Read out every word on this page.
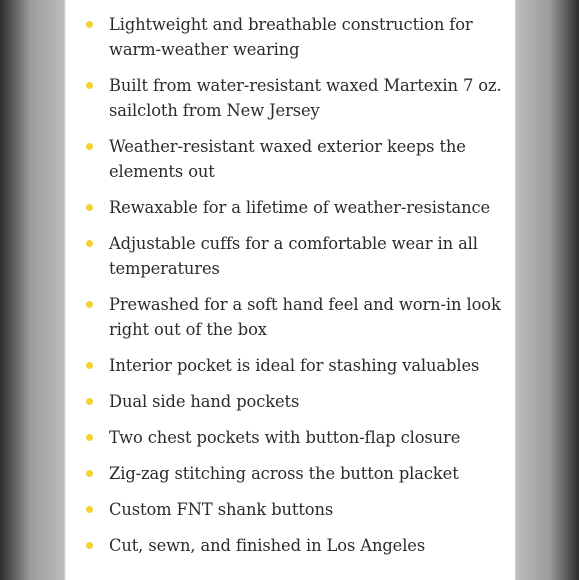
Lightweight and breathable construction for warm-weather wearing
Built from water-resistant waxed Martexin 7 oz. sailcloth from New Jersey
Weather-resistant waxed exterior keeps the elements out
Rewaxable for a lifetime of weather-resistance
Adjustable cuffs for a comfortable wear in all temperatures
Prewashed for a soft hand feel and worn-in look right out of the box
Interior pocket is ideal for stashing valuables
Dual side hand pockets
Two chest pockets with button-flap closure
Zig-zag stitching across the button placket
Custom FNT shank buttons
Cut, sewn, and finished in Los Angeles
